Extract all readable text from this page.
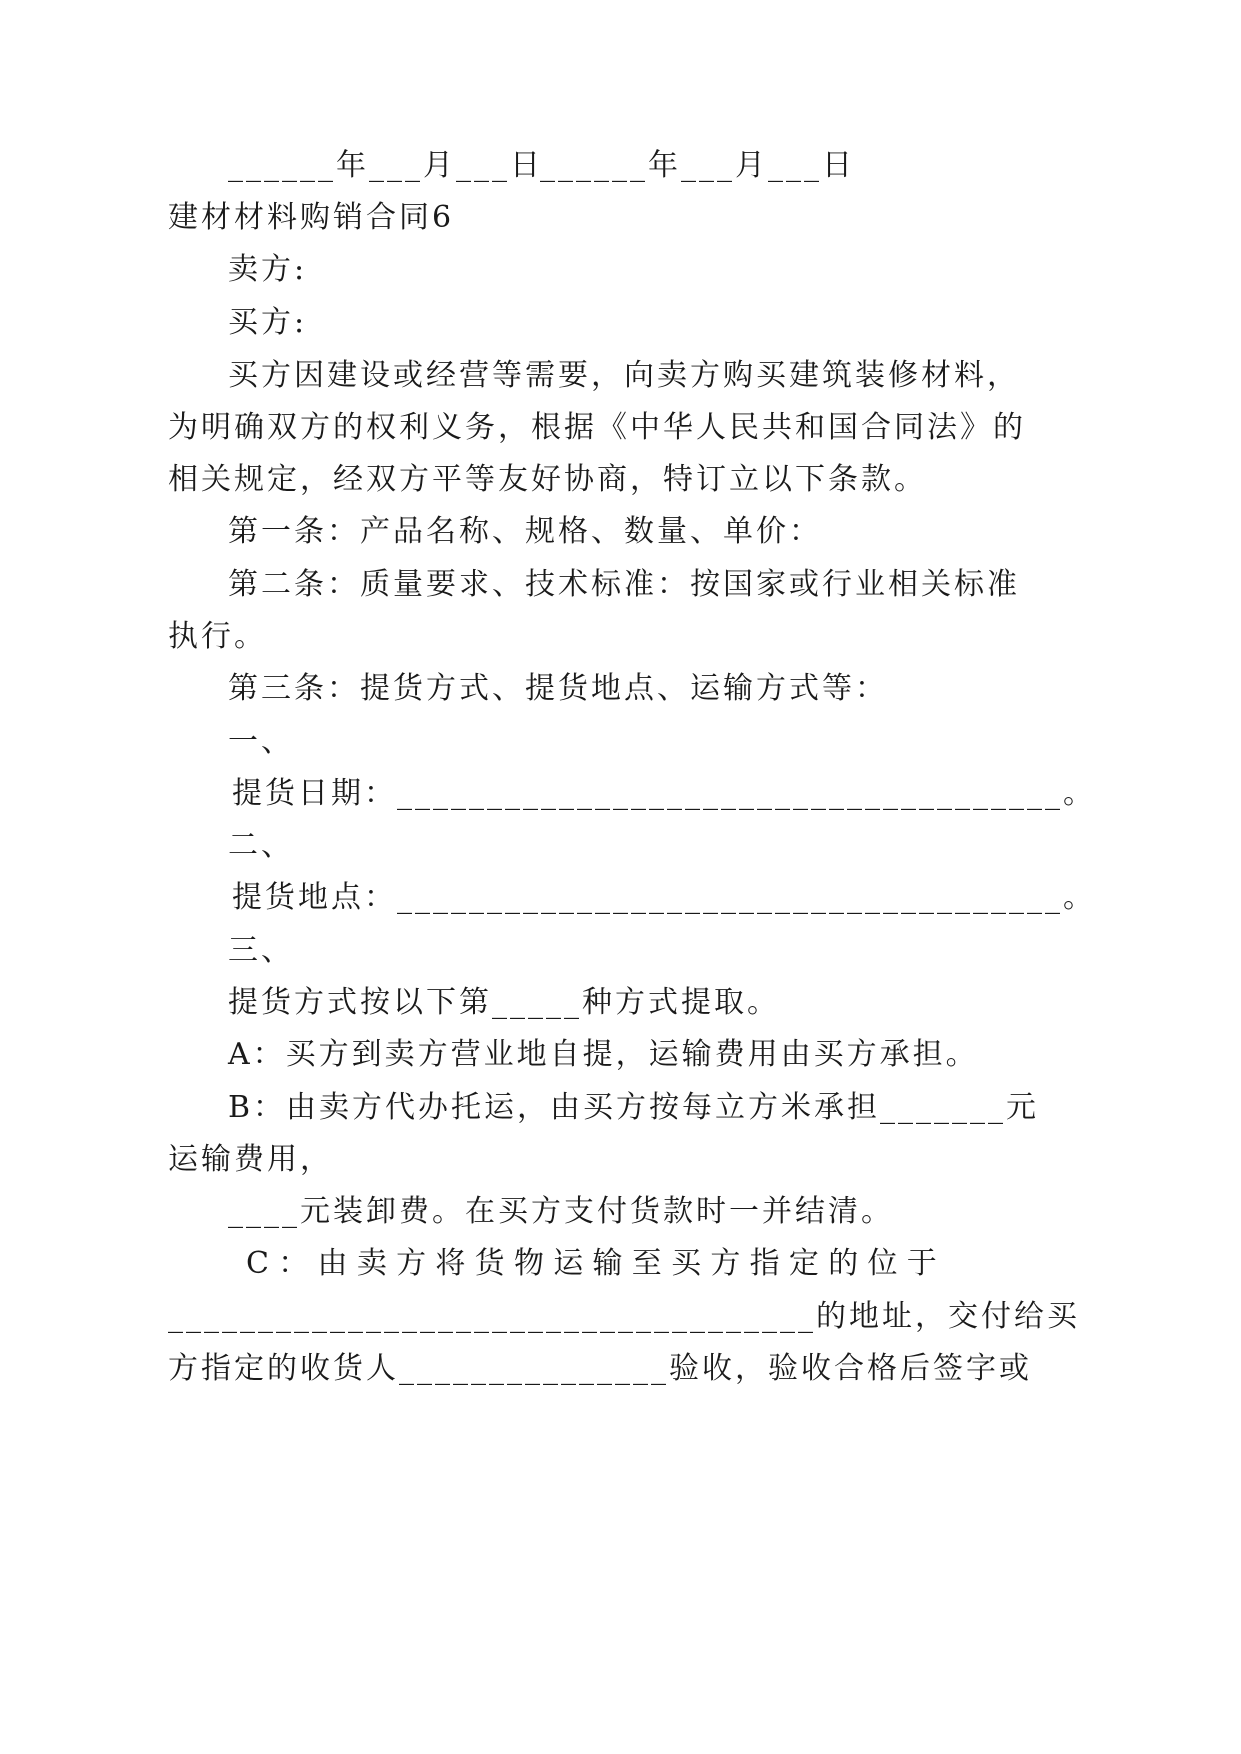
______年___月___日
______年___月___日
建材材料购销合同6
卖方:
买方:
买方因建设或经营等需要，向卖方购买建筑装修材料，
为明确双方的权利义务，根据《中华人民共和国合同法》的
相关规定，经双方平等友好协商，特订立以下条款。
第一条：产品名称、规格、数量、单价：
第二条：质量要求、技术标准：按国家或行业相关标准
执行。
第三条：提货方式、提货地点、运输方式等：
一、
提货日期：_____________________________________。
二、
提货地点：_____________________________________。
三、
提货方式按以下第_____种方式提取。
A：买方到卖方营业地自提，运输费用由买方承担。
B：由卖方代办托运，由买方按每立方米承担_______元
运输费用，
____元装卸费。在买方支付货款时一并结清。
C ： 由 卖 方 将 货 物 运 输 至 买 方 指 定 的 位 于
____________________________________的地址，交付给买
方指定的收货人_______________验收，验收合格后签字或
